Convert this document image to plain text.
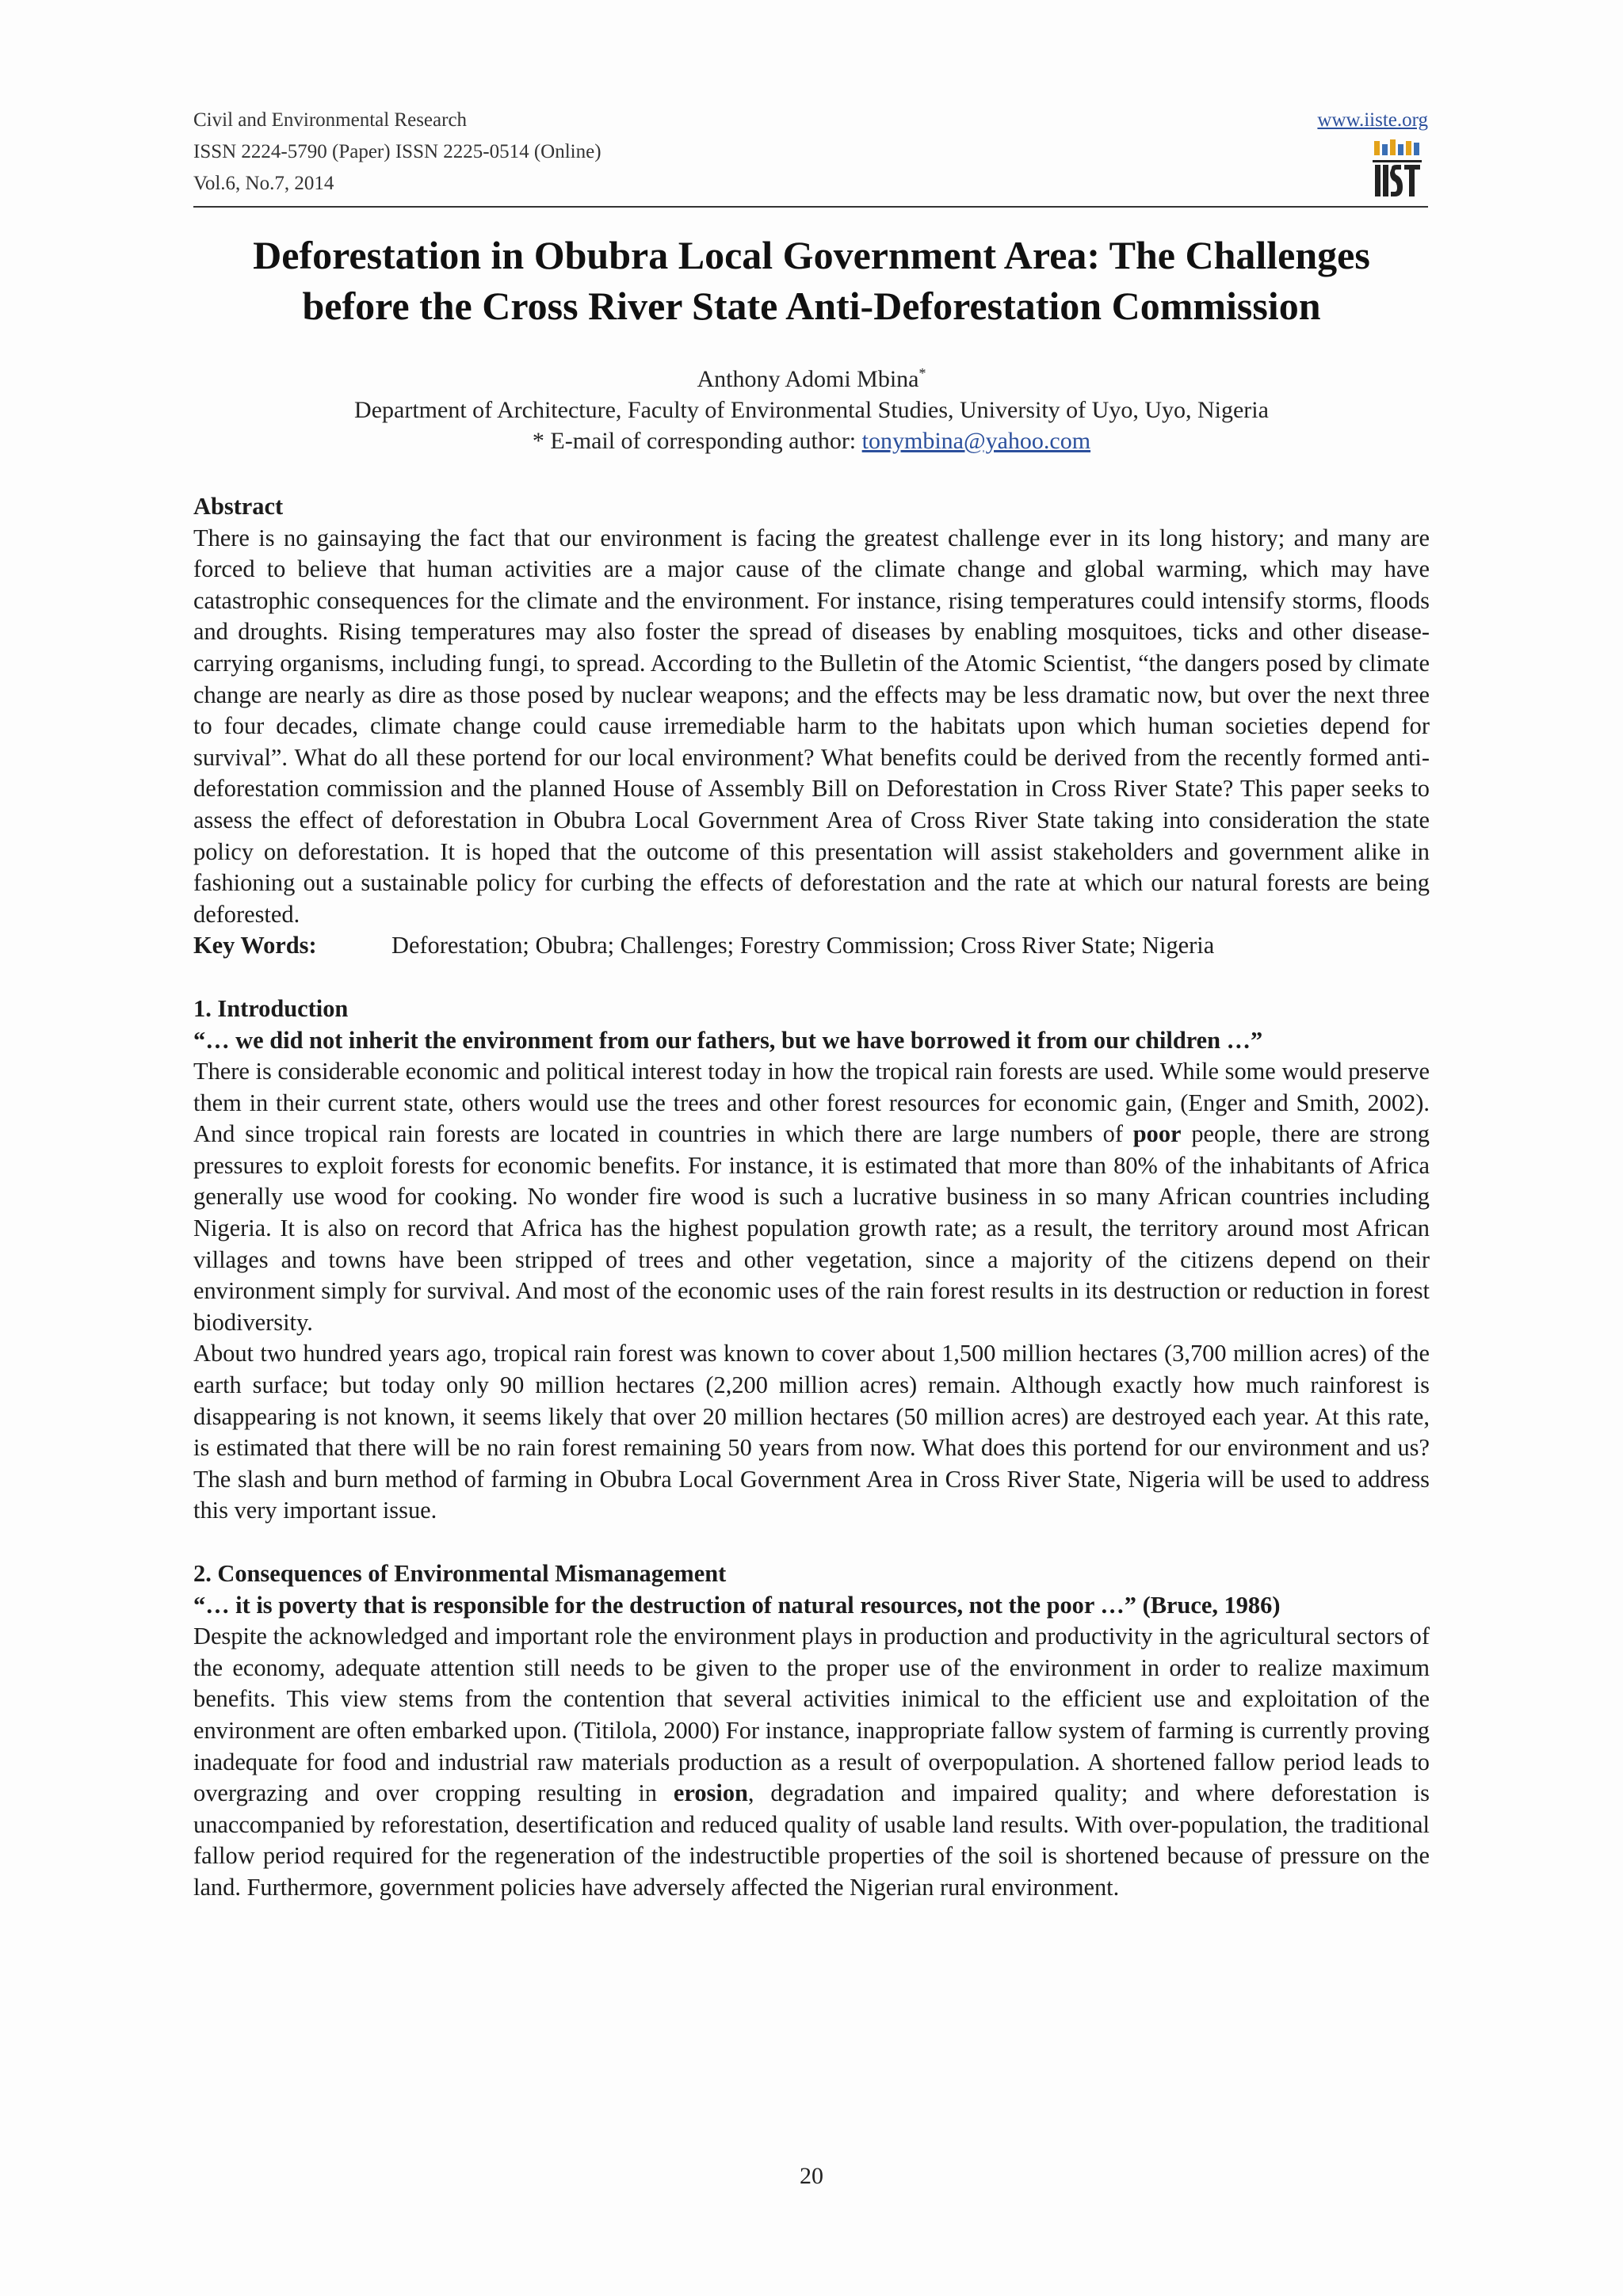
Civil and Environmental Research
ISSN 2224-5790 (Paper) ISSN 2225-0514 (Online)
Vol.6, No.7, 2014
www.iiste.org
Deforestation in Obubra Local Government Area: The Challenges
before the Cross River State Anti-Deforestation Commission
Anthony Adomi Mbina*
Department of Architecture, Faculty of Environmental Studies, University of Uyo, Uyo, Nigeria
* E-mail of corresponding author: tonymbina@yahoo.com
Abstract

There is no gainsaying the fact that our environment is facing the greatest challenge ever in its long history; and many are forced to believe that human activities are a major cause of the climate change and global warming, which may have catastrophic consequences for the climate and the environment. For instance, rising temperatures could intensify storms, floods and droughts. Rising temperatures may also foster the spread of diseases by enabling mosquitoes, ticks and other disease-carrying organisms, including fungi, to spread. According to the Bulletin of the Atomic Scientist, “the dangers posed by climate change are nearly as dire as those posed by nuclear weapons; and the effects may be less dramatic now, but over the next three to four decades, climate change could cause irremediable harm to the habitats upon which human societies depend for survival”. What do all these portend for our local environment? What benefits could be derived from the recently formed anti-deforestation commission and the planned House of Assembly Bill on Deforestation in Cross River State? This paper seeks to assess the effect of deforestation in Obubra Local Government Area of Cross River State taking into consideration the state policy on deforestation. It is hoped that the outcome of this presentation will assist stakeholders and government alike in fashioning out a sustainable policy for curbing the effects of deforestation and the rate at which our natural forests are being deforested.

Key Words:	Deforestation; Obubra; Challenges; Forestry Commission; Cross River State; Nigeria
1. Introduction

“… we did not inherit the environment from our fathers, but we have borrowed it from our children …”

There is considerable economic and political interest today in how the tropical rain forests are used. While some would preserve them in their current state, others would use the trees and other forest resources for economic gain, (Enger and Smith, 2002). And since tropical rain forests are located in countries in which there are large numbers of poor people, there are strong pressures to exploit forests for economic benefits. For instance, it is estimated that more than 80% of the inhabitants of Africa generally use wood for cooking. No wonder fire wood is such a lucrative business in so many African countries including Nigeria. It is also on record that Africa has the highest population growth rate; as a result, the territory around most African villages and towns have been stripped of trees and other vegetation, since a majority of the citizens depend on their environment simply for survival. And most of the economic uses of the rain forest results in its destruction or reduction in forest biodiversity.

About two hundred years ago, tropical rain forest was known to cover about 1,500 million hectares (3,700 million acres) of the earth surface; but today only 90 million hectares (2,200 million acres) remain. Although exactly how much rainforest is disappearing is not known, it seems likely that over 20 million hectares (50 million acres) are destroyed each year. At this rate, is estimated that there will be no rain forest remaining 50 years from now. What does this portend for our environment and us? The slash and burn method of farming in Obubra Local Government Area in Cross River State, Nigeria will be used to address this very important issue.

2. Consequences of Environmental Mismanagement

“… it is poverty that is responsible for the destruction of natural resources, not the poor …” (Bruce, 1986)

Despite the acknowledged and important role the environment plays in production and productivity in the agricultural sectors of the economy, adequate attention still needs to be given to the proper use of the environment in order to realize maximum benefits. This view stems from the contention that several activities inimical to the efficient use and exploitation of the environment are often embarked upon. (Titilola, 2000) For instance, inappropriate fallow system of farming is currently proving inadequate for food and industrial raw materials production as a result of overpopulation. A shortened fallow period leads to overgrazing and over cropping resulting in erosion, degradation and impaired quality; and where deforestation is unaccompanied by reforestation, desertification and reduced quality of usable land results. With over-population, the traditional fallow period required for the regeneration of the indestructible properties of the soil is shortened because of pressure on the land. Furthermore, government policies have adversely affected the Nigerian rural environment.

20
